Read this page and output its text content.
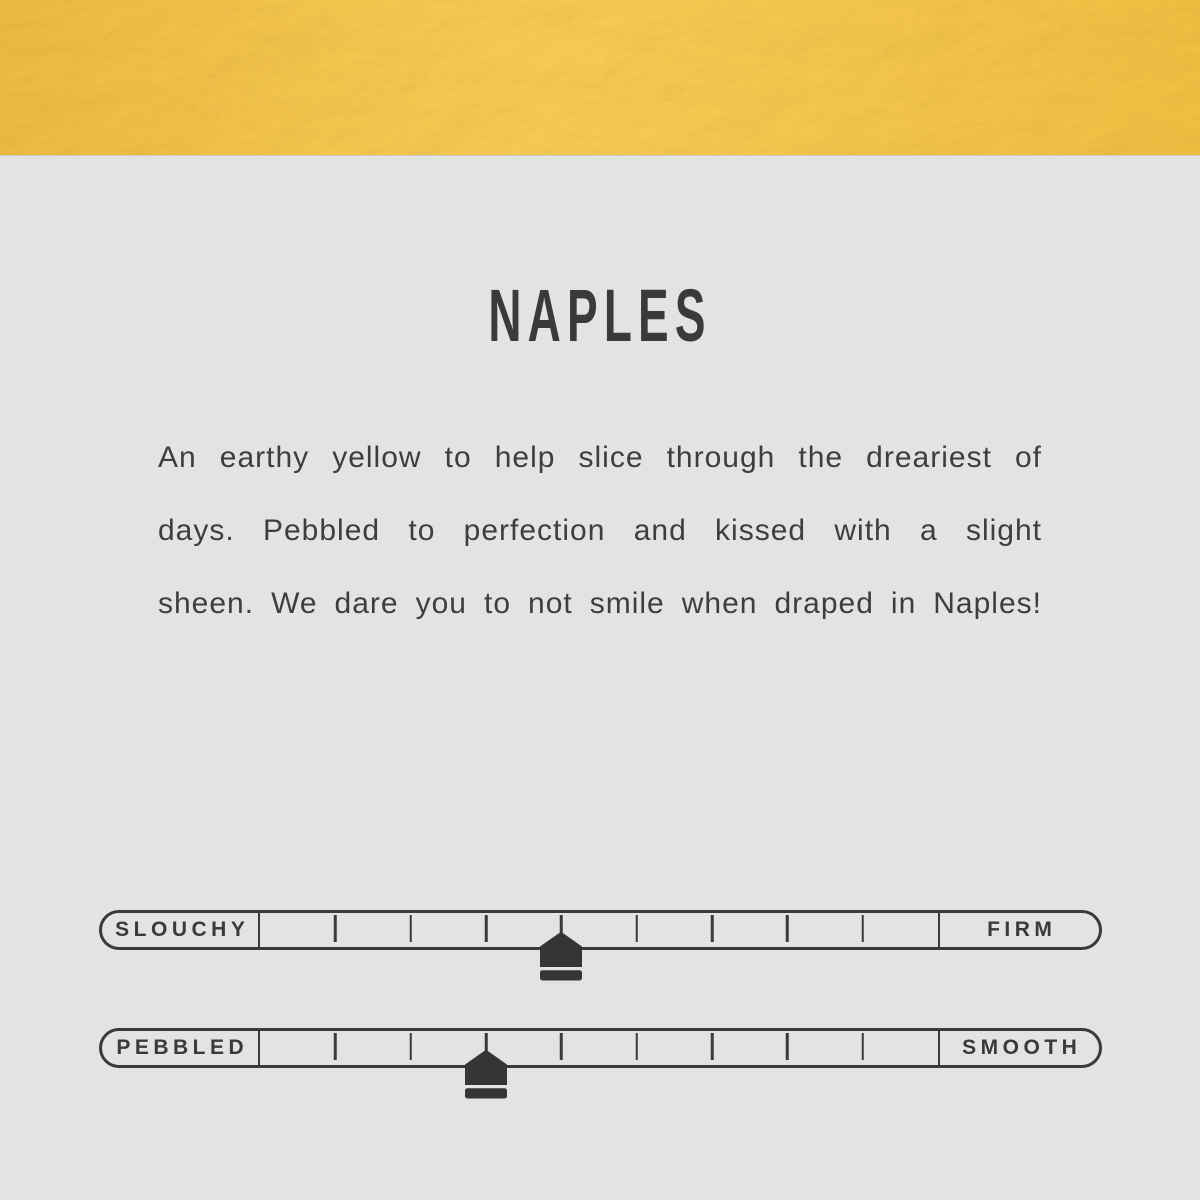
NAPLES
An earthy yellow to help slice through the dreariest of
days. Pebbled to perfection and kissed with a slight
sheen. We dare you to not smile when draped in Naples!
SLOUCHY	FIRM
PEBBLED	SMOOTH
